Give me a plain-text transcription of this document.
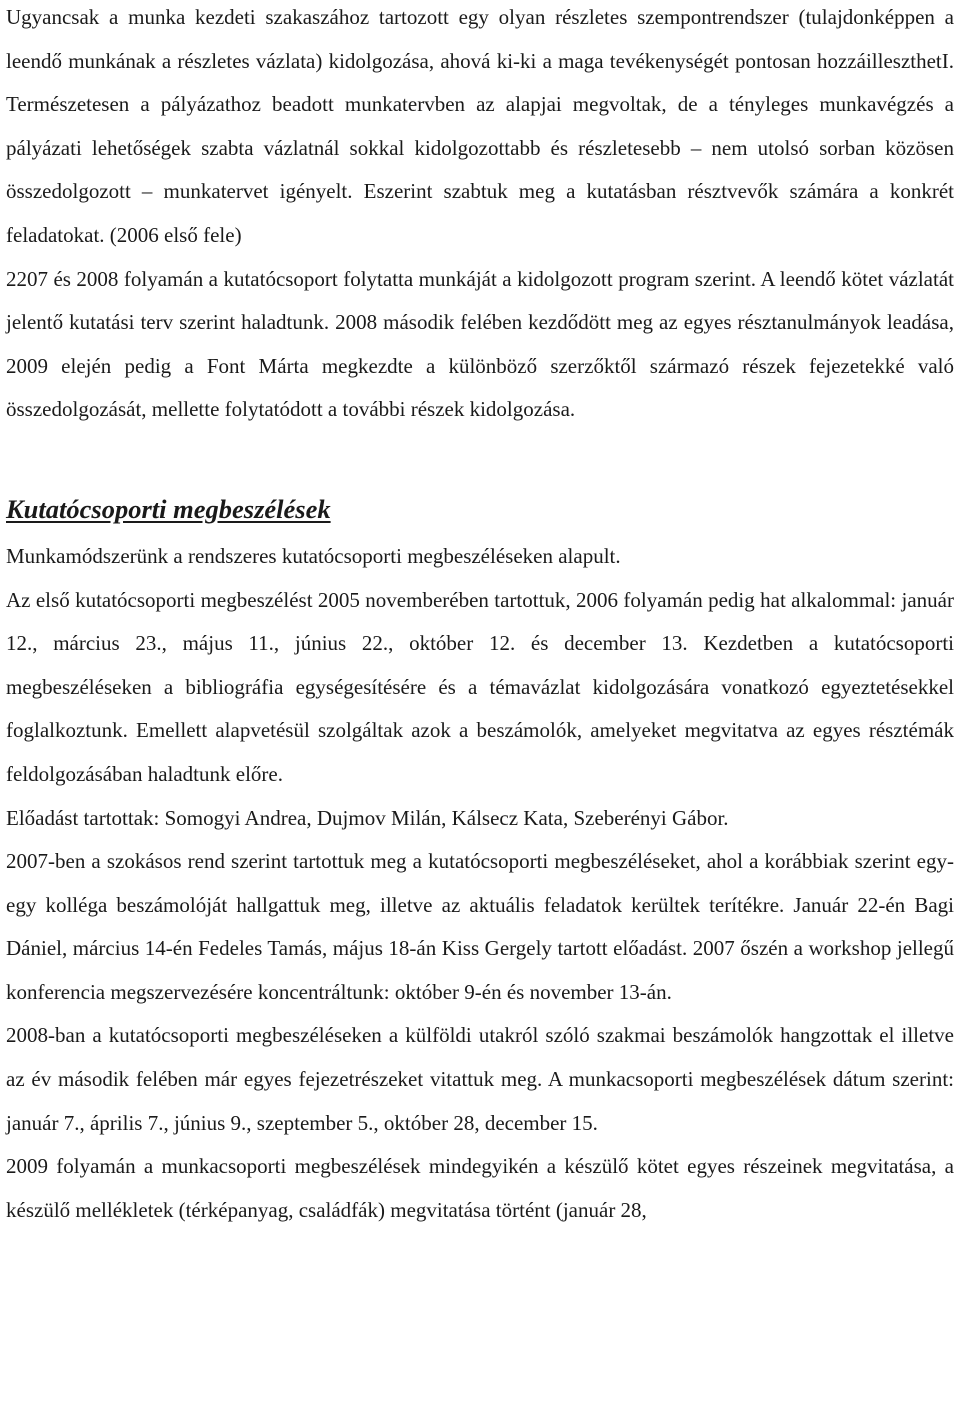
Ugyancsak a munka kezdeti szakaszához tartozott egy olyan részletes szempontrendszer (tulajdonképpen a leendő munkának a részletes vázlata) kidolgozása, ahová ki-ki a maga tevékenységét pontosan hozzáilleszthetI. Természetesen a pályázathoz beadott munkatervben az alapjai megvoltak, de a tényleges munkavégzés a pályázati lehetőségek szabta vázlatnál sokkal kidolgozottabb és részletesebb – nem utolsó sorban közösen összedolgozott – munkatervet igényelt. Eszerint szabtuk meg a kutatásban résztvevők számára a konkrét feladatokat. (2006 első fele)

2207 és 2008 folyamán a kutatócsoport folytatta munkáját a kidolgozott program szerint. A leendő kötet vázlatát jelentő kutatási terv szerint haladtunk. 2008 második felében kezdődött meg az egyes résztanulmányok leadása, 2009 elején pedig a Font Márta megkezdte a különböző szerzőktől származó részek fejezetekké való összedolgozását, mellette folytatódott a további részek kidolgozása.

Kutatócsoporti megbeszélések

Munkamódszerünk a rendszeres kutatócsoporti megbeszéléseken alapult.

Az első kutatócsoporti megbeszélést 2005 novemberében tartottuk, 2006 folyamán pedig hat alkalommal: január 12., március 23., május 11., június 22., október 12. és december 13. Kezdetben a kutatócsoporti megbeszéléseken a bibliográfia egységesítésére és a témavázlat kidolgozására vonatkozó egyeztetésekkel foglalkoztunk. Emellett alapvetésül szolgáltak azok a beszámolók, amelyeket megvitatva az egyes résztémák feldolgozásában haladtunk előre.

Előadást tartottak: Somogyi Andrea, Dujmov Milán, Kálsecz Kata, Szeberényi Gábor.

2007-ben a szokásos rend szerint tartottuk meg a kutatócsoporti megbeszéléseket, ahol a korábbiak szerint egy-egy kolléga beszámolóját hallgattuk meg, illetve az aktuális feladatok kerültek terítékre. Január 22-én Bagi Dániel, március 14-én Fedeles Tamás, május 18-án Kiss Gergely tartott előadást. 2007 őszén a workshop jellegű konferencia megszervezésére koncentráltunk: október 9-én és november 13-án.

2008-ban a kutatócsoporti megbeszéléseken a külföldi utakról szóló szakmai beszámolók hangzottak el illetve az év második felében már egyes fejezetrészeket vitattuk meg. A munkacsoporti megbeszélések dátum szerint: január 7., április 7., június 9., szeptember 5., október 28, december 15.

2009 folyamán a munkacsoporti megbeszélések mindegyikén a készülő kötet egyes részeinek megvitatása, a készülő mellékletek (térképanyag, családfák) megvitatása történt (január 28,
